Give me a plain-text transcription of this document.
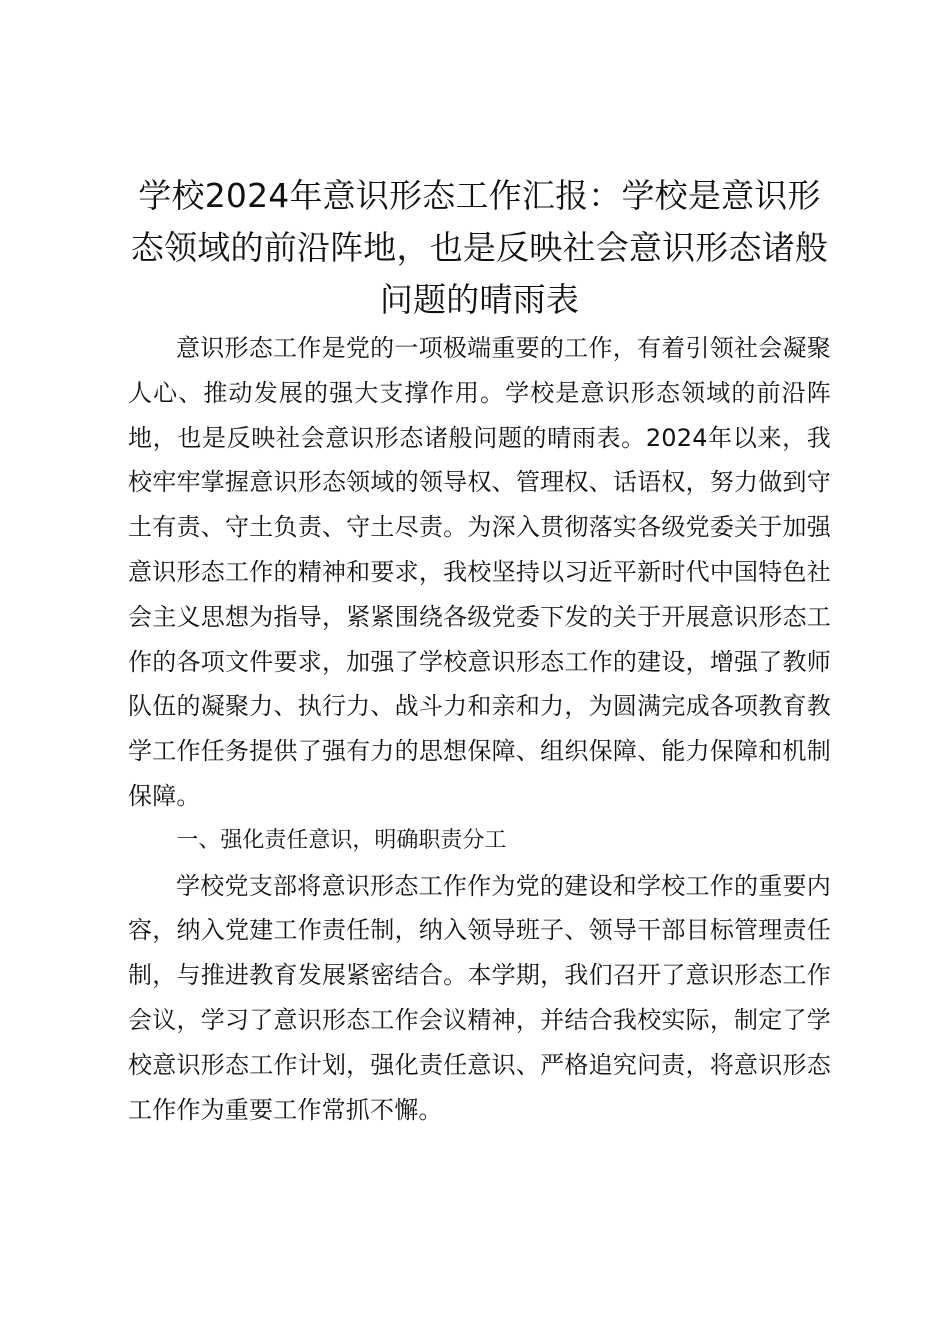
学校2024年意识形态工作汇报：学校是意识形态领域的前沿阵地，也是反映社会意识形态诸般问题的晴雨表

意识形态工作是党的一项极端重要的工作，有着引领社会凝聚人心、推动发展的强大支撑作用。学校是意识形态领域的前沿阵地，也是反映社会意识形态诸般问题的晴雨表。2024年以来，我校牢牢掌握意识形态领域的领导权、管理权、话语权，努力做到守土有责、守土负责、守土尽责。为深入贯彻落实各级党委关于加强意识形态工作的精神和要求，我校坚持以习近平新时代中国特色社会主义思想为指导，紧紧围绕各级党委下发的关于开展意识形态工作的各项文件要求，加强了学校意识形态工作的建设，增强了教师队伍的凝聚力、执行力、战斗力和亲和力，为圆满完成各项教育教学工作任务提供了强有力的思想保障、组织保障、能力保障和机制保障。

一、强化责任意识，明确职责分工

学校党支部将意识形态工作作为党的建设和学校工作的重要内容，纳入党建工作责任制，纳入领导班子、领导干部目标管理责任制，与推进教育发展紧密结合。本学期，我们召开了意识形态工作会议，学习了意识形态工作会议精神，并结合我校实际，制定了学校意识形态工作计划，强化责任意识、严格追究问责，将意识形态工作作为重要工作常抓不懈。
